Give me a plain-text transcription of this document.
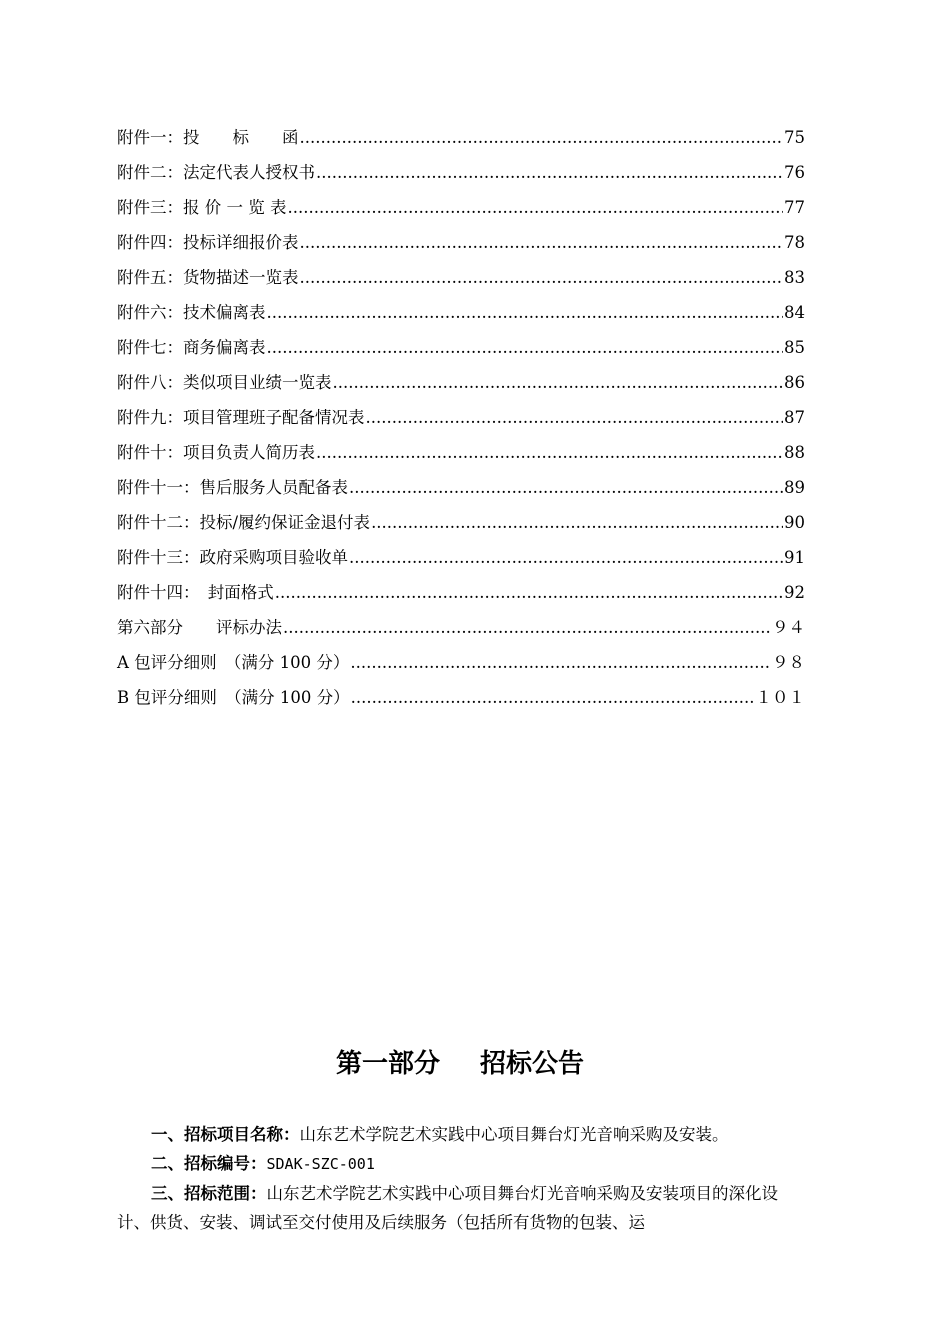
附件一：投　　标　　函 .....	75
附件二：法定代表人授权书 .....	76
附件三：报 价 一 览 表 .....	77
附件四：投标详细报价表 .....	78
附件五：货物描述一览表 .....	83
附件六：技术偏离表 .....	84
附件七：商务偏离表 .....	85
附件八：类似项目业绩一览表 .....	86
附件九：项目管理班子配备情况表 .....	87
附件十：项目负责人简历表 .....	88
附件十一：售后服务人员配备表 .....	89
附件十二：投标/履约保证金退付表 .....	90
附件十三：政府采购项目验收单 .....	91
附件十四：　封面格式 .....	92
第六部分　　评标办法 .....	９４
A 包评分细则　（满分 100 分） .....	９８
B 包评分细则　（满分 100 分） .....	１０１
第一部分 招标公告
一、招标项目名称：山东艺术学院艺术实践中心项目舞台灯光音响采购及安装。
二、招标编号：SDAK-SZC-001
三、招标范围：山东艺术学院艺术实践中心项目舞台灯光音响采购及安装项目的深化设计、供货、安装、调试至交付使用及后续服务（包括所有货物的包装、运
